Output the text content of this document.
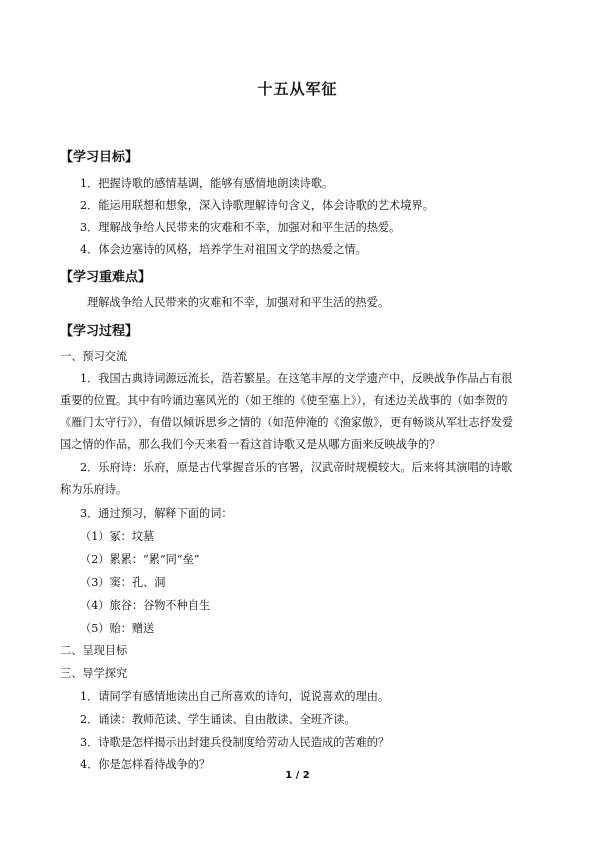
十五从军征
【学习目标】
1．把握诗歌的感情基调，能够有感情地朗读诗歌。
2．能运用联想和想象，深入诗歌理解诗句含义，体会诗歌的艺术境界。
3．理解战争给人民带来的灾难和不幸，加强对和平生活的热爱。
4．体会边塞诗的风格，培养学生对祖国文学的热爱之情。
【学习重难点】
理解战争给人民带来的灾难和不幸，加强对和平生活的热爱。
【学习过程】
一、预习交流
1．我国古典诗词源远流长，浩若繁星。在这笔丰厚的文学遗产中，反映战争作品占有很
重要的位置。其中有吟诵边塞风光的（如王维的《使至塞上》），有述边关战事的（如李贺的
《雁门太守行》），有借以倾诉思乡之情的（如范仲淹的《渔家傲》，更有畅谈从军壮志抒发爱
国之情的作品，那么我们今天来看一看这首诗歌又是从哪方面来反映战争的？
2．乐府诗：乐府，原是古代掌握音乐的官署，汉武帝时规模较大。后来将其演唱的诗歌
称为乐府诗。
3．通过预习，解释下面的词：
（1）冢：坟墓
（2）累累：“累”同“垒”
（3）窦：孔、洞
（4）旅谷：谷物不种自生
（5）贻：赠送
二、呈现目标
三、导学探究
1．请同学有感情地读出自己所喜欢的诗句，说说喜欢的理由。
2．诵读：教师范读、学生诵读、自由散读、全班齐读。
3．诗歌是怎样揭示出封建兵役制度给劳动人民造成的苦难的？
4．你是怎样看待战争的？
1 / 2
